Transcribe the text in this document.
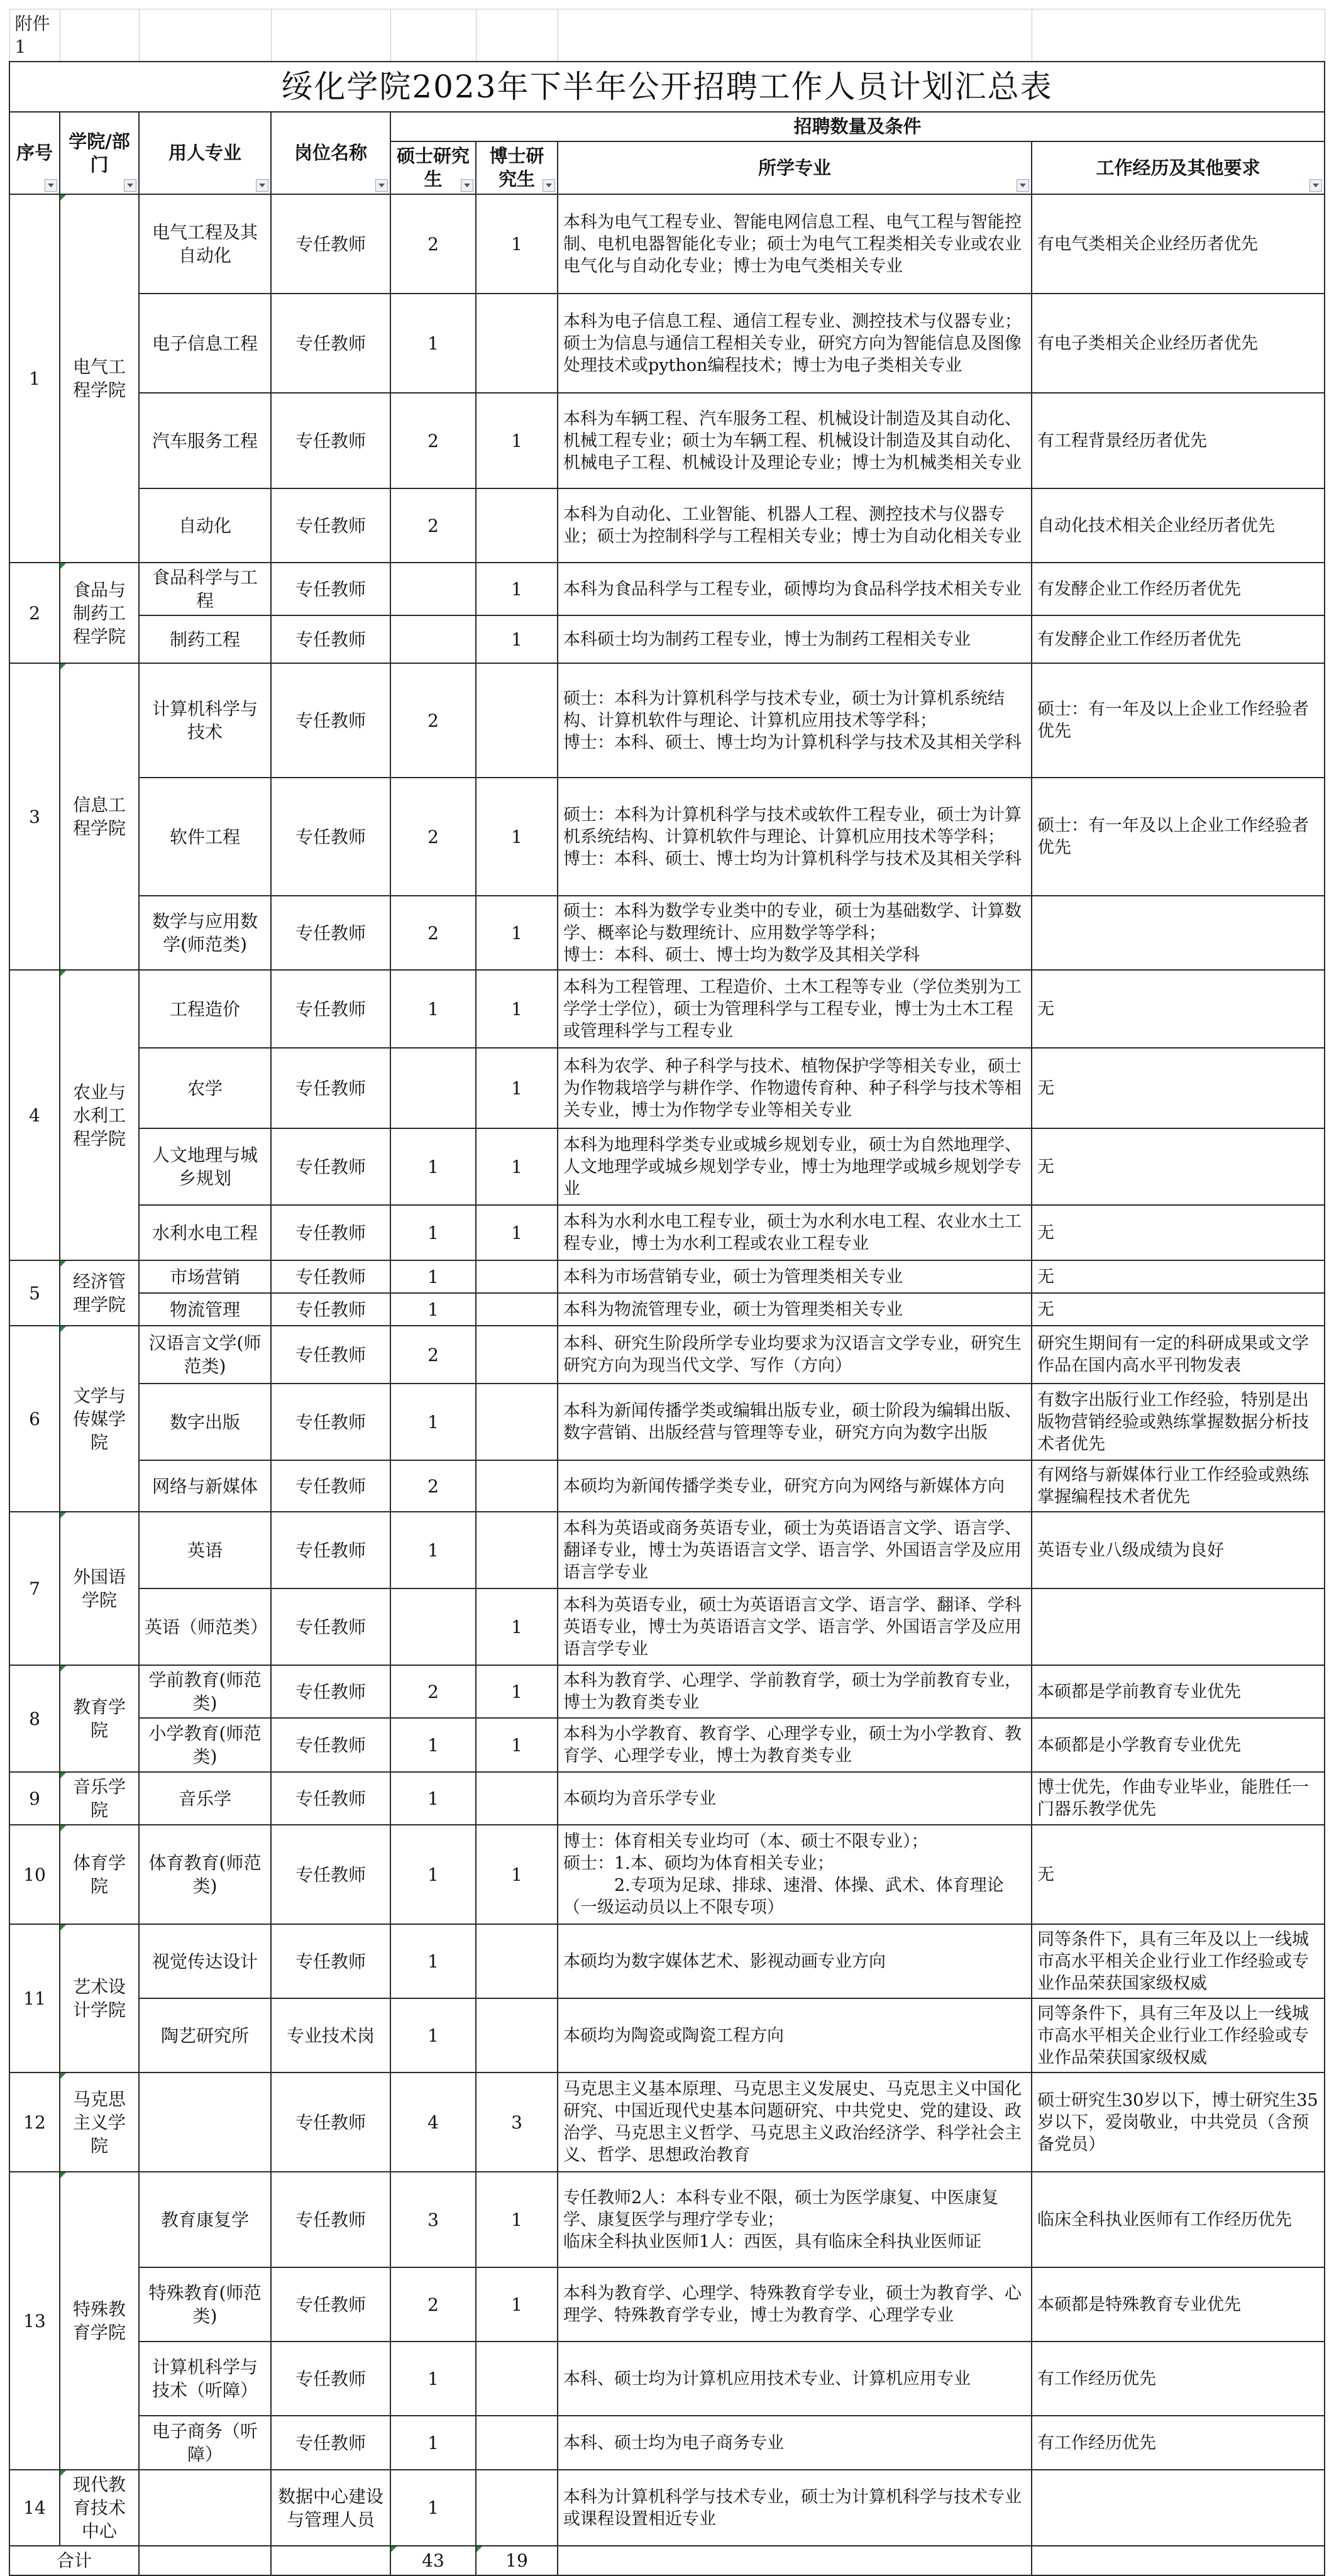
附件1							
绥化学院2023年下半年公开招聘工作人员计划汇总表							
序号	学院/部门	用人专业	岗位名称	招聘数量及条件			
				硕士研究生	博士研究生	所学专业	工作经历及其他要求

1	电气工程学院	电气工程及其自动化	专任教师	2	1	本科为电气工程专业、智能电网信息工程、电气工程与智能控制、电机电器智能化专业；硕士为电气工程类相关专业或农业电气化与自动化专业；博士为电气类相关专业	有电气类相关企业经历者优先
		电子信息工程	专任教师	1		本科为电子信息工程、通信工程专业、测控技术与仪器专业；硕士为信息与通信工程相关专业，研究方向为智能信息及图像处理技术或python编程技术；博士为电子类相关专业	有电子类相关企业经历者优先
		汽车服务工程	专任教师	2	1	本科为车辆工程、汽车服务工程、机械设计制造及其自动化、机械工程专业；硕士为车辆工程、机械设计制造及其自动化、机械电子工程、机械设计及理论专业；博士为机械类相关专业	有工程背景经历者优先
		自动化	专任教师	2		本科为自动化、工业智能、机器人工程、测控技术与仪器专业；硕士为控制科学与工程相关专业；博士为自动化相关专业	自动化技术相关企业经历者优先
2	食品与制药工程学院	食品科学与工程	专任教师		1	本科为食品科学与工程专业，硕博均为食品科学技术相关专业	有发酵企业工作经历者优先
		制药工程	专任教师		1	本科硕士均为制药工程专业，博士为制药工程相关专业	有发酵企业工作经历者优先
3	信息工程学院	计算机科学与技术	专任教师	2		硕士：本科为计算机科学与技术专业，硕士为计算机系统结构、计算机软件与理论、计算机应用技术等学科；
博士：本科、硕士、博士均为计算机科学与技术及其相关学科	硕士：有一年及以上企业工作经验者优先
		软件工程	专任教师	2	1	硕士：本科为计算机科学与技术或软件工程专业，硕士为计算机系统结构、计算机软件与理论、计算机应用技术等学科；
博士：本科、硕士、博士均为计算机科学与技术及其相关学科	硕士：有一年及以上企业工作经验者优先
		数学与应用数学(师范类)	专任教师	2	1	硕士：本科为数学专业类中的专业，硕士为基础数学、计算数学、概率论与数理统计、应用数学等学科；
博士：本科、硕士、博士均为数学及其相关学科	
4	农业与水利工程学院	工程造价	专任教师	1	1	本科为工程管理、工程造价、土木工程等专业（学位类别为工学学士学位），硕士为管理科学与工程专业，博士为土木工程或管理科学与工程专业	无
		农学	专任教师		1	本科为农学、种子科学与技术、植物保护学等相关专业，硕士为作物栽培学与耕作学、作物遗传育种、种子科学与技术等相关专业，博士为作物学专业等相关专业	无
		人文地理与城乡规划	专任教师	1	1	本科为地理科学类专业或城乡规划专业，硕士为自然地理学、人文地理学或城乡规划学专业，博士为地理学或城乡规划学专业	无
		水利水电工程	专任教师	1	1	本科为水利水电工程专业，硕士为水利水电工程、农业水土工程专业，博士为水利工程或农业工程专业	无
5	经济管理学院	市场营销	专任教师	1		本科为市场营销专业，硕士为管理类相关专业	无
		物流管理	专任教师	1		本科为物流管理专业，硕士为管理类相关专业	无
6	文学与传媒学院	汉语言文学(师范类)	专任教师	2		本科、研究生阶段所学专业均要求为汉语言文学专业，研究生研究方向为现当代文学、写作（方向）	研究生期间有一定的科研成果或文学作品在国内高水平刊物发表
		数字出版	专任教师	1		本科为新闻传播学类或编辑出版专业，硕士阶段为编辑出版、数字营销、出版经营与管理等专业，研究方向为数字出版	有数字出版行业工作经验，特别是出版物营销经验或熟练掌握数据分析技术者优先
		网络与新媒体	专任教师	2		本硕均为新闻传播学类专业，研究方向为网络与新媒体方向	有网络与新媒体行业工作经验或熟练掌握编程技术者优先
7	外国语学院	英语	专任教师	1		本科为英语或商务英语专业，硕士为英语语言文学、语言学、翻译专业，博士为英语语言文学、语言学、外国语言学及应用语言学专业	英语专业八级成绩为良好
		英语（师范类）	专任教师		1	本科为英语专业，硕士为英语语言文学、语言学、翻译、学科英语专业，博士为英语语言文学、语言学、外国语言学及应用语言学专业	
8	教育学院	学前教育(师范类)	专任教师	2	1	本科为教育学、心理学、学前教育学，硕士为学前教育专业，博士为教育类专业	本硕都是学前教育专业优先
		小学教育(师范类)	专任教师	1	1	本科为小学教育、教育学、心理学专业，硕士为小学教育、教育学、心理学专业，博士为教育类专业	本硕都是小学教育专业优先
9	音乐学院	音乐学	专任教师	1		本硕均为音乐学专业	博士优先，作曲专业毕业，能胜任一门器乐教学优先
10	体育学院	体育教育(师范类)	专任教师	1	1	博士：体育相关专业均可（本、硕士不限专业）；
硕士：1.本、硕均为体育相关专业；
　　　2.专项为足球、排球、速滑、体操、武术、体育理论（一级运动员以上不限专项）	无
11	艺术设计学院	视觉传达设计	专任教师	1		本硕均为数字媒体艺术、影视动画专业方向	同等条件下，具有三年及以上一线城市高水平相关企业行业工作经验或专业作品荣获国家级权威
		陶艺研究所	专业技术岗	1		本硕均为陶瓷或陶瓷工程方向	同等条件下，具有三年及以上一线城市高水平相关企业行业工作经验或专业作品荣获国家级权威
12	马克思主义学院		专任教师	4	3	马克思主义基本原理、马克思主义发展史、马克思主义中国化研究、中国近现代史基本问题研究、中共党史、党的建设、政治学、马克思主义哲学、马克思主义政治经济学、科学社会主义、哲学、思想政治教育	硕士研究生30岁以下，博士研究生35岁以下，爱岗敬业，中共党员（含预备党员）
13	特殊教育学院	教育康复学	专任教师	3	1	专任教师2人：本科专业不限，硕士为医学康复、中医康复学、康复医学与理疗学专业；
临床全科执业医师1人：西医，具有临床全科执业医师证	临床全科执业医师有工作经历优先
		特殊教育(师范类)	专任教师	2	1	本科为教育学、心理学、特殊教育学专业，硕士为教育学、心理学、特殊教育学专业，博士为教育学、心理学专业	本硕都是特殊教育专业优先
		计算机科学与技术（听障）	专任教师	1		本科、硕士均为计算机应用技术专业、计算机应用专业	有工作经历优先
		电子商务（听障）	专任教师	1		本科、硕士均为电子商务专业	有工作经历优先
14	现代教育技术中心		数据中心建设与管理人员	1		本科为计算机科学与技术专业，硕士为计算机科学与技术专业或课程设置相近专业	
合计				43	19		
